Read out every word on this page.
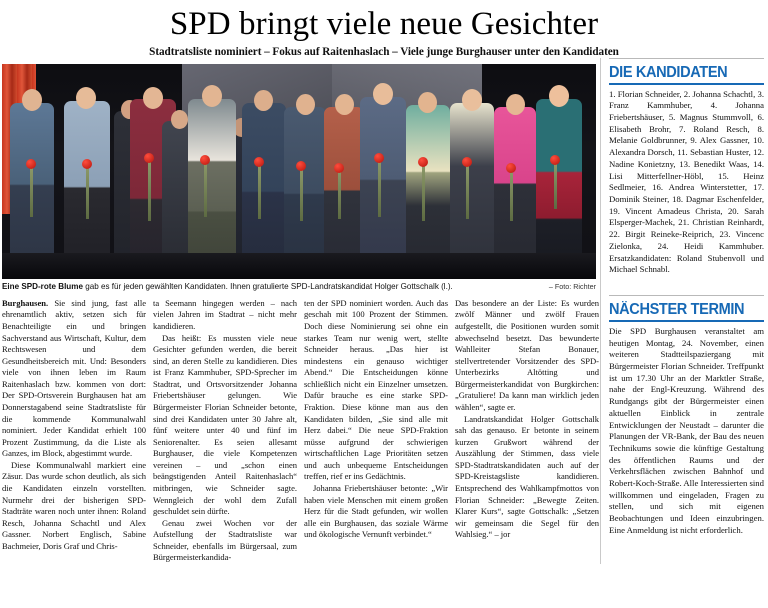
SPD bringt viele neue Gesichter
Stadtratsliste nominiert – Fokus auf Raitenhaslach – Viele junge Burghauser unter den Kandidaten
Eine SPD-rote Blume gab es für jeden gewählten Kandidaten. Ihnen gratulierte SPD-Landratskandidat Holger Gottschalk (l.).	– Foto: Richter

Burghausen. Sie sind jung, fast alle ehrenamtlich aktiv, setzen sich für Benachteiligte ein und bringen Sachverstand aus Wirtschaft, Kultur, dem Rechtswesen und dem Gesundheitsbereich mit. Und: Besonders viele von ihnen leben im Raum Raitenhaslach bzw. kommen von dort: Der SPD-Ortsverein Burghausen hat am Donnerstagabend seine Stadtratsliste für die kommende Kommunalwahl nominiert. Jeder Kandidat erhielt 100 Prozent Zustimmung, da die Liste als Ganzes, im Block, abgestimmt wurde.

Diese Kommunalwahl markiert eine Zäsur. Das wurde schon deutlich, als sich die Kandidaten einzeln vorstellten. Nurmehr drei der bisherigen SPD-Stadträte waren noch unter ihnen: Roland Resch, Johanna Schachtl und Alex Gassner. Norbert Englisch, Sabine Bachmeier, Doris Graf und Chris-

ta Seemann hingegen werden – nach vielen Jahren im Stadtrat – nicht mehr kandidieren.

Das heißt: Es mussten viele neue Gesichter gefunden werden, die bereit sind, an deren Stelle zu kandidieren. Dies ist Franz Kammhuber, SPD-Sprecher im Stadtrat, und Ortsvorsitzender Johanna Friebertshäuser gelungen. Wie Bürgermeister Florian Schneider betonte, sind drei Kandidaten unter 30 Jahre alt, fünf weitere unter 40 und fünf im Seniorenalter. Es seien allesamt Burghauser, die viele Kompetenzen vereinen – und „schon einen beängstigenden Anteil Raitenhaslach“ mitbringen, wie Schneider sagte. Wenngleich der wohl dem Zufall geschuldet sein dürfte.

Genau zwei Wochen vor der Aufstellung der Stadtratsliste war Schneider, ebenfalls im Bürgersaal, zum Bürgermeisterkandida-

ten der SPD nominiert worden. Auch das geschah mit 100 Prozent der Stimmen. Doch diese Nominierung sei ohne ein starkes Team nur wenig wert, stellte Schneider heraus. „Das hier ist mindestens ein genauso wichtiger Abend.“ Die Entscheidungen könne schließlich nicht ein Einzelner umsetzen. Dafür brauche es eine starke SPD-Fraktion. Diese könne man aus den Kandidaten bilden, „Sie sind alle mit Herz dabei.“ Die neue SPD-Fraktion müsse aufgrund der schwierigen wirtschaftlichen Lage Prioritäten setzen und auch unbequeme Entscheidungen treffen, rief er ins Gedächtnis.

Johanna Friebertshäuser betonte: „Wir haben viele Menschen mit einem großen Herz für die Stadt gefunden, wir wollen alle ein Burghausen, das soziale Wärme und ökologische Vernunft verbindet.“

Das besondere an der Liste: Es wurden zwölf Männer und zwölf Frauen aufgestellt, die Positionen wurden somit abwechselnd besetzt. Das bewunderte Wahlleiter Stefan Bonauer, stellvertretender Vorsitzender des SPD-Unterbezirks Altötting und Bürgermeisterkandidat von Burgkirchen: „Gratuliere! Da kann man wirklich jeden wählen“, sagte er.

Landratskandidat Holger Gottschalk sah das genauso. Er betonte in seinem kurzen Grußwort während der Auszählung der Stimmen, dass viele SPD-Stadtratskandidaten auch auf der SPD-Kreistagsliste kandidieren. Entsprechend des Wahlkampfmottos von Florian Schneider: „Bewegte Zeiten. Klarer Kurs“, sagte Gottschalk: „Setzen wir gemeinsam die Segel für den Wahlsieg.“ – jor

DIE KANDIDATEN

1. Florian Schneider, 2. Johanna Schachtl, 3. Franz Kammhuber, 4. Johanna Friebertshäuser, 5. Magnus Stummvoll, 6. Elisabeth Brohr, 7. Roland Resch, 8. Melanie Goldbrunner, 9. Alex Gassner, 10. Alexandra Dorsch, 11. Sebastian Huster, 12. Nadine Konietzny, 13. Benedikt Waas, 14. Lisi Mitterfellner-Höbl, 15. Heinz Sedlmeier, 16. Andrea Winterstetter, 17. Dominik Steiner, 18. Dagmar Eschenfelder, 19. Vincent Amadeus Christa, 20. Sarah Elsperger-Machek, 21. Christian Reinhardt, 22. Birgit Reineke-Reiprich, 23. Vincenc Zielonka, 24. Heidi Kammhuber. Ersatzkandidaten: Roland Stubenvoll und Michael Schnabl.

NÄCHSTER TERMIN

Die SPD Burghausen veranstaltet am heutigen Montag, 24. November, einen weiteren Stadtteilspaziergang mit Bürgermeister Florian Schneider. Treffpunkt ist um 17.30 Uhr an der Marktler Straße, nahe der Engl-Kreuzung. Während des Rundgangs gibt der Bürgermeister einen aktuellen Einblick in zentrale Entwicklungen der Neustadt – darunter die Planungen der VR-Bank, der Bau des neuen Technikums sowie die künftige Gestaltung des öffentlichen Raums und der Verkehrsflächen zwischen Bahnhof und Robert-Koch-Straße. Alle Interessierten sind willkommen und eingeladen, Fragen zu stellen, und sich mit eigenen Beobachtungen und Ideen einzubringen. Eine Anmeldung ist nicht erforderlich.
